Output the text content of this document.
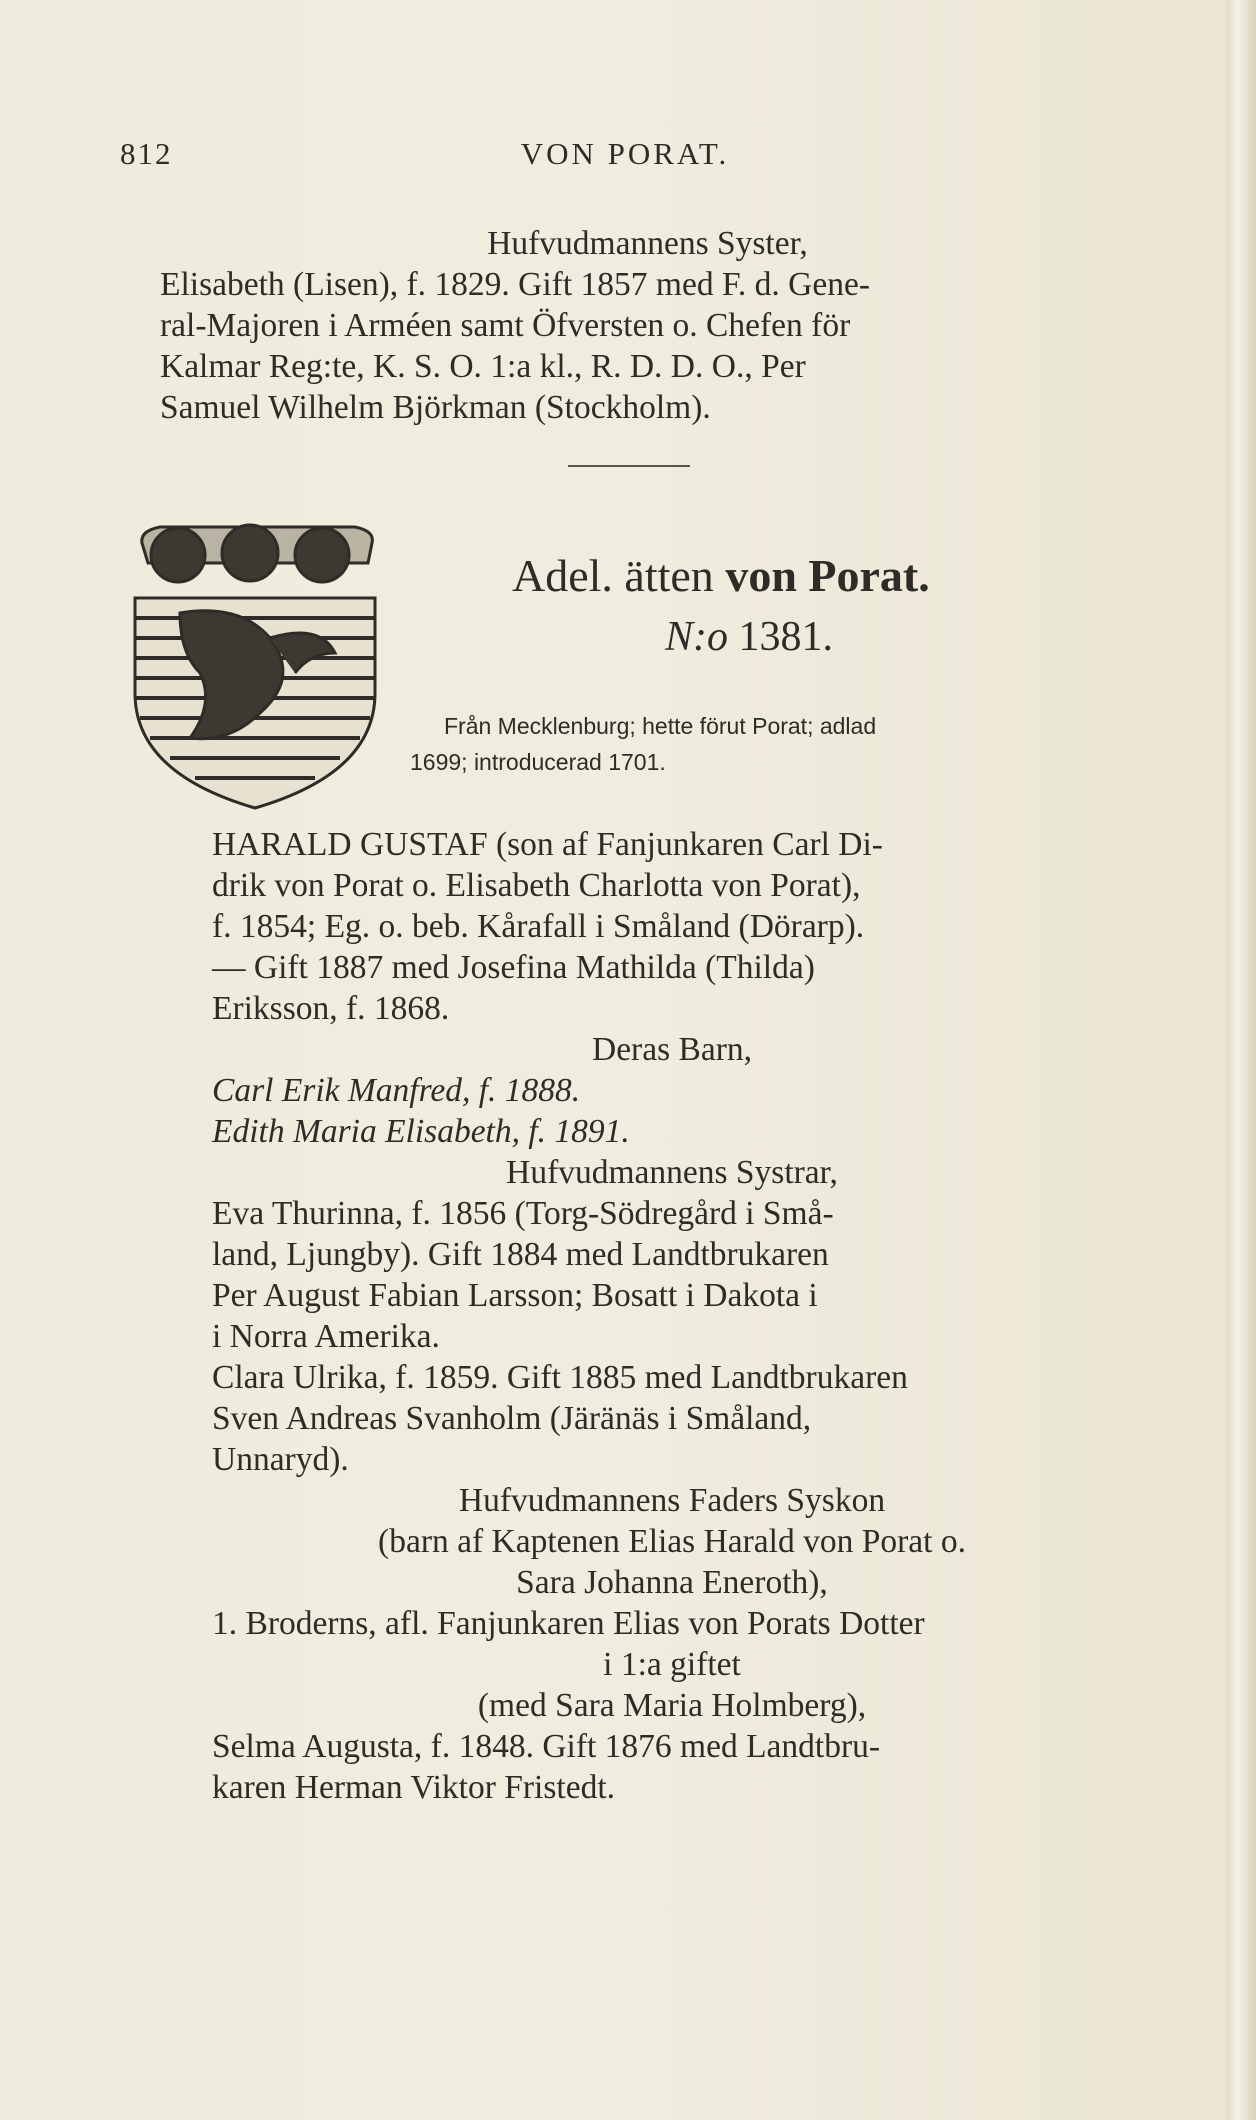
812	VON PORAT.
Hufvudmannens Syster,
Elisabeth (Lisen), f. 1829. Gift 1857 med F. d. Gene-
ral-Majoren i Arméen samt Öfversten o. Chefen för
Kalmar Reg:te, K. S. O. 1:a kl., R. D. D. O., Per
Samuel Wilhelm Björkman (Stockholm).
Adel. ätten von Porat.
N:o 1381.
Från Mecklenburg; hette förut Porat; adlad
1699; introducerad 1701.
HARALD GUSTAF (son af Fanjunkaren Carl Di-
drik von Porat o. Elisabeth Charlotta von Porat),
f. 1854; Eg. o. beb. Kårafall i Småland (Dörarp).
— Gift 1887 med Josefina Mathilda (Thilda)
Eriksson, f. 1868.
Deras Barn,
Carl Erik Manfred, f. 1888.
Edith Maria Elisabeth, f. 1891.
Hufvudmannens Systrar,
Eva Thurinna, f. 1856 (Torg-Södregård i Små-
land, Ljungby). Gift 1884 med Landtbrukaren
Per August Fabian Larsson; Bosatt i Dakota i
i Norra Amerika.
Clara Ulrika, f. 1859. Gift 1885 med Landtbrukaren
Sven Andreas Svanholm (Järänäs i Småland,
Unnaryd).
Hufvudmannens Faders Syskon
(barn af Kaptenen Elias Harald von Porat o.
Sara Johanna Eneroth),
1. Broderns, afl. Fanjunkaren Elias von Porats Dotter
i 1:a giftet
(med Sara Maria Holmberg),
Selma Augusta, f. 1848. Gift 1876 med Landtbru-
karen Herman Viktor Fristedt.
